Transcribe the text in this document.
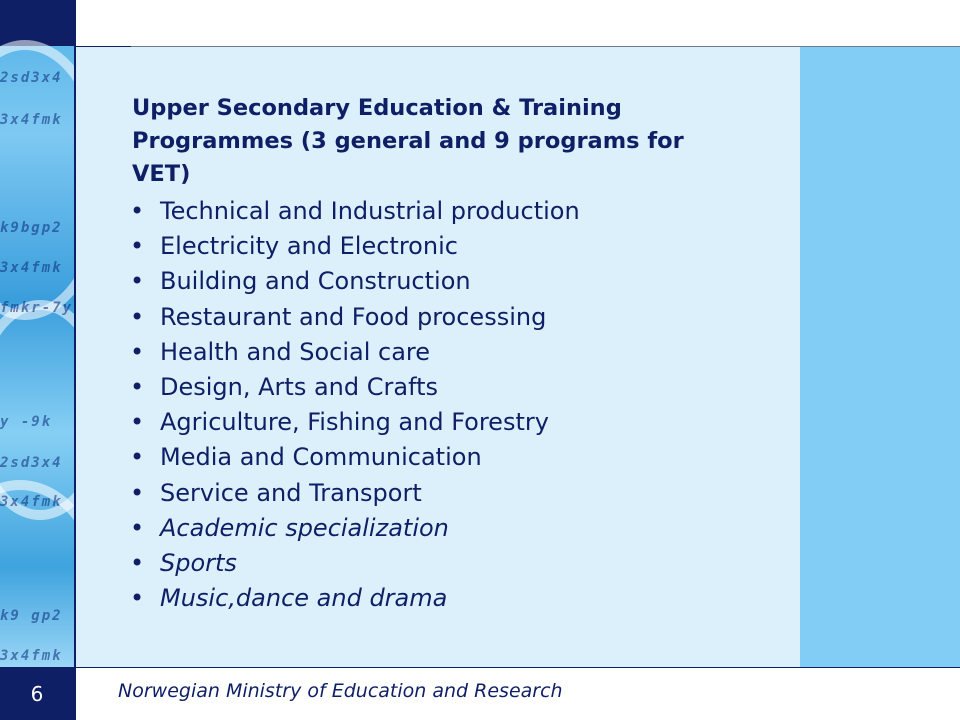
2sd3x4
3x4fmk
k9bgp2
3x4fmk
fmkr-7y
y -9k
2sd3x4
3x4fmk
k9 gp2
3x4fmk
Upper Secondary Education & Training
Programmes (3 general and 9 programs for
VET)
• Technical and Industrial production
• Electricity and Electronic
• Building and Construction
• Restaurant and Food processing
• Health and Social care
• Design, Arts and Crafts
• Agriculture, Fishing and Forestry
• Media and Communication
• Service and Transport
• Academic specialization
• Sports
• Music,dance and drama
6	Norwegian Ministry of Education and Research
